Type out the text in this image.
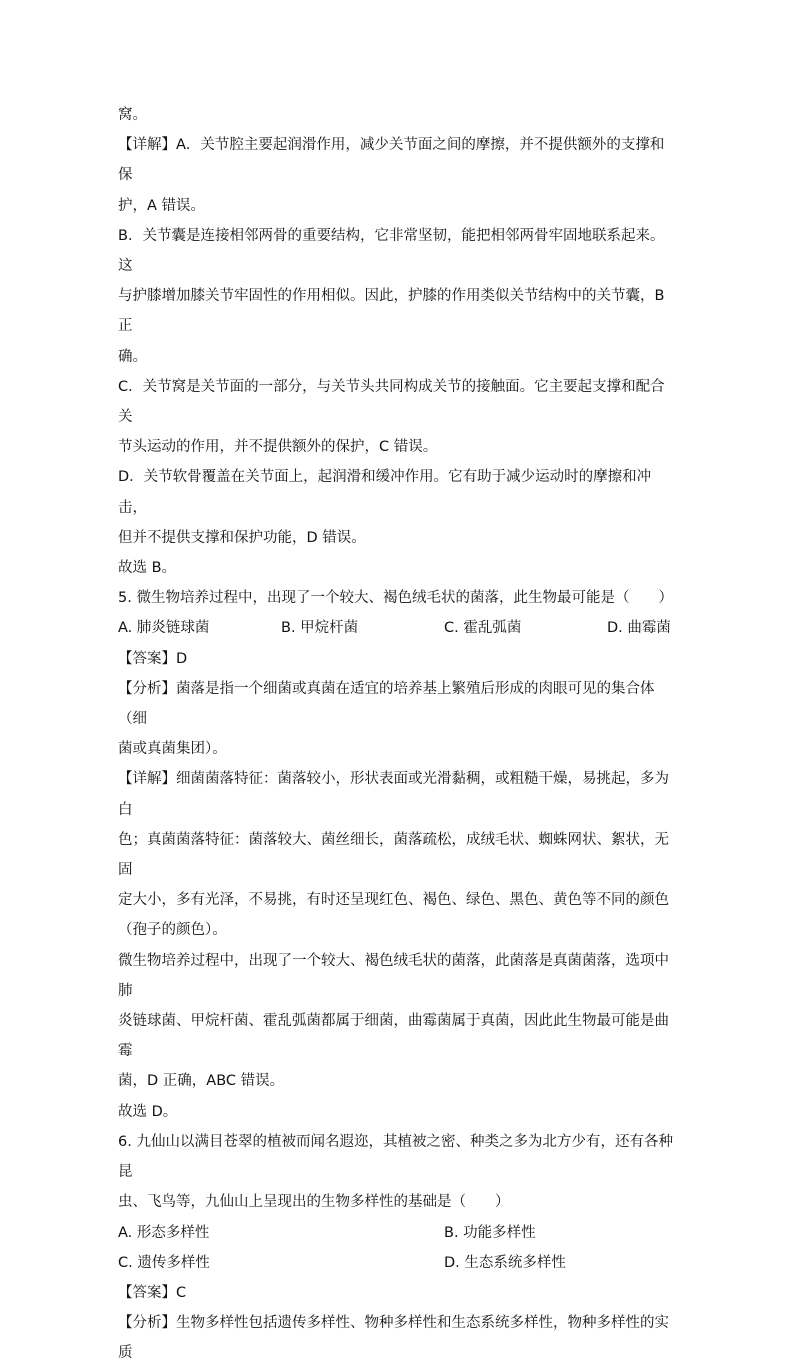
窝。

【详解】A．关节腔主要起润滑作用，减少关节面之间的摩擦，并不提供额外的支撑和保

护，A 错误。

B．关节囊是连接相邻两骨的重要结构，它非常坚韧，能把相邻两骨牢固地联系起来。这

与护膝增加膝关节牢固性的作用相似。因此，护膝的作用类似关节结构中的关节囊，B 正

确。

C．关节窝是关节面的一部分，与关节头共同构成关节的接触面。它主要起支撑和配合关

节头运动的作用，并不提供额外的保护，C 错误。

D．关节软骨覆盖在关节面上，起润滑和缓冲作用。它有助于减少运动时的摩擦和冲击，

但并不提供支撑和保护功能，D 错误。

故选 B。

5. 微生物培养过程中，出现了一个较大、褐色绒毛状的菌落，此生物最可能是（　　）

A. 肺炎链球菌	B. 甲烷杆菌	C. 霍乱弧菌	D. 曲霉菌

【答案】D

【分析】菌落是指一个细菌或真菌在适宜的培养基上繁殖后形成的肉眼可见的集合体（细

菌或真菌集团）。

【详解】细菌菌落特征：菌落较小，形状表面或光滑黏稠，或粗糙干燥，易挑起，多为白

色；真菌菌落特征：菌落较大、菌丝细长，菌落疏松，成绒毛状、蜘蛛网状、絮状，无固

定大小，多有光泽，不易挑，有时还呈现红色、褐色、绿色、黑色、黄色等不同的颜色

（孢子的颜色）。

微生物培养过程中，出现了一个较大、褐色绒毛状的菌落，此菌落是真菌菌落，选项中肺

炎链球菌、甲烷杆菌、霍乱弧菌都属于细菌，曲霉菌属于真菌，因此此生物最可能是曲霉

菌，D 正确，ABC 错误。

故选 D。

6. 九仙山以满目苍翠的植被而闻名遐迩，其植被之密、种类之多为北方少有，还有各种昆

虫、飞鸟等，九仙山上呈现出的生物多样性的基础是（　　）

A. 形态多样性	B. 功能多样性
C. 遗传多样性	D. 生态系统多样性

【答案】C

【分析】生物多样性包括遗传多样性、物种多样性和生态系统多样性，物种多样性的实质
